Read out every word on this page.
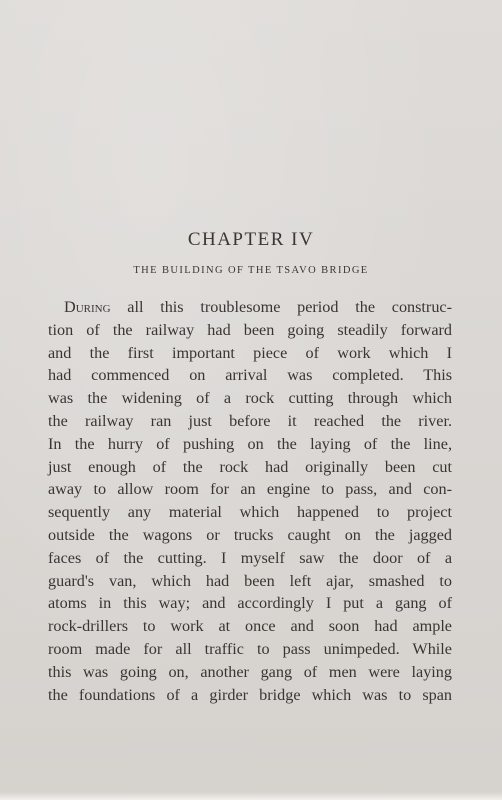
CHAPTER IV
THE BUILDING OF THE TSAVO BRIDGE
During all this troublesome period the construc-
tion of the railway had been going steadily forward
and the first important piece of work which I
had commenced on arrival was completed. This
was the widening of a rock cutting through which
the railway ran just before it reached the river.
In the hurry of pushing on the laying of the line,
just enough of the rock had originally been cut
away to allow room for an engine to pass, and con-
sequently any material which happened to project
outside the wagons or trucks caught on the jagged
faces of the cutting. I myself saw the door of a
guard's van, which had been left ajar, smashed to
atoms in this way; and accordingly I put a gang of
rock-drillers to work at once and soon had ample
room made for all traffic to pass unimpeded. While
this was going on, another gang of men were laying
the foundations of a girder bridge which was to span
